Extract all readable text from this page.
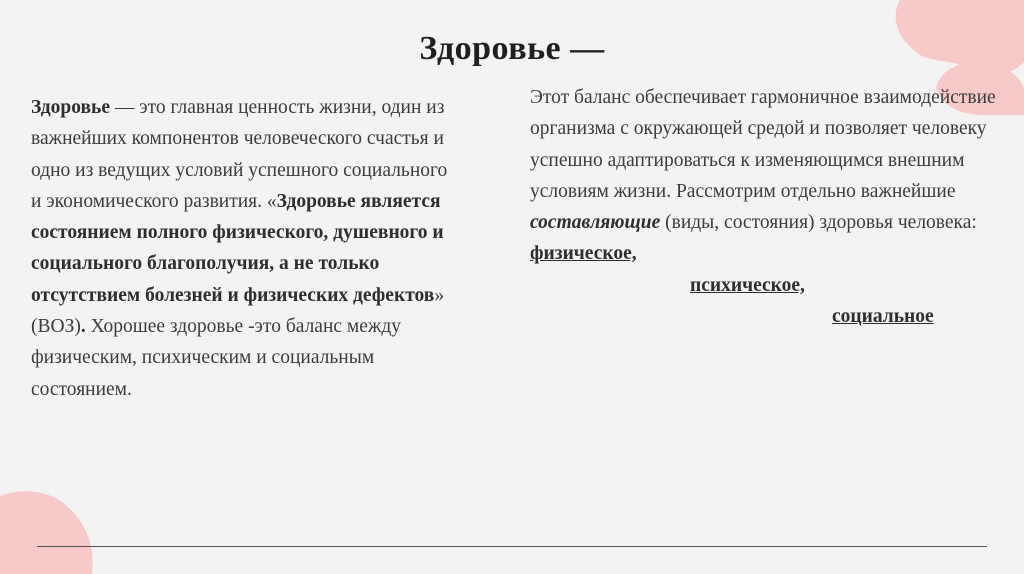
Здоровье —
Здоровье — это главная ценность жизни, один из важнейших компонентов человеческого счастья и одно из ведущих условий успешного социального и экономического развития. «Здоровье является состоянием полного физического, душевного и социального благополучия, а не только отсутствием болезней и физических дефектов» (ВОЗ). Хорошее здоровье -это баланс между физическим, психическим и социальным состоянием.
Этот баланс обеспечивает гармоничное взаимодействие организма с окружающей средой и позволяет человеку успешно адаптироваться к изменяющимся внешним условиям жизни. Рассмотрим отдельно важнейшие составляющие (виды, состояния) здоровья человека: физическое,
психическое,
социальное
